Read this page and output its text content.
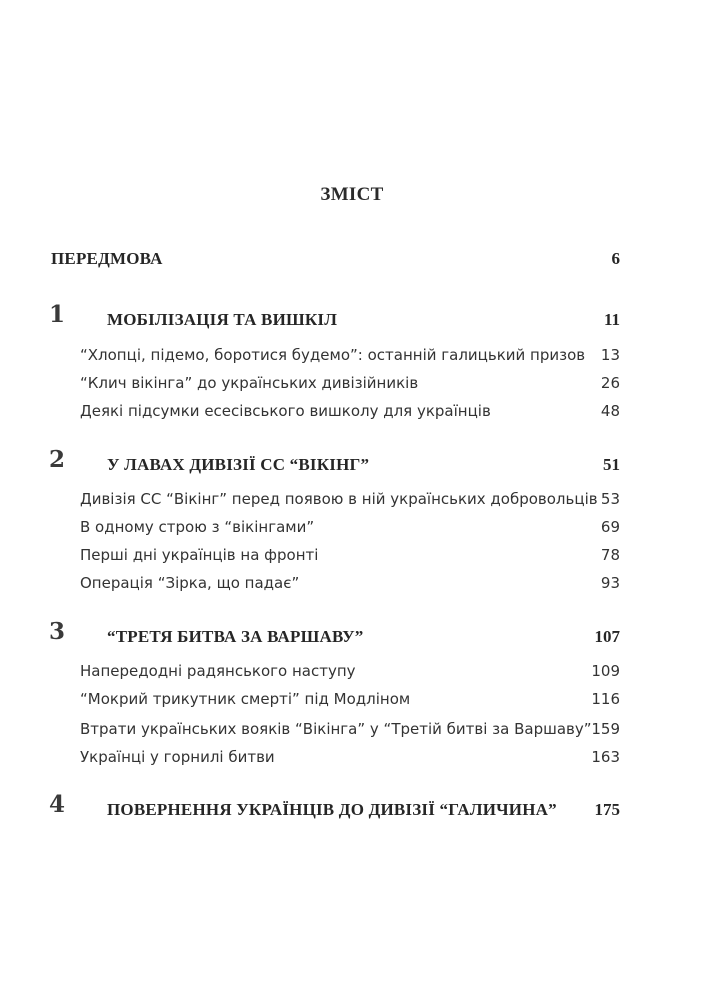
ЗМІСТ
ПЕРЕДМОВА	6
1 МОБІЛІЗАЦІЯ ТА ВИШКІЛ	11
“Хлопці, підемо, боротися будемо”: останній галицький призов 13
“Клич вікінга” до українських дивізійників	26
Деякі підсумки есесівського вишколу для українців	48
2 У ЛАВАХ ДИВІЗІЇ СС “ВІКІНГ”	51
Дивізія СС “Вікінг” перед появою в ній українських добровольців 53
В одному строю з “вікінгами”	69
Перші дні українців на фронті	78
Операція “Зірка, що падає”	93
3 “ТРЕТЯ БИТВА ЗА ВАРШАВУ”	107
Напередодні радянського наступу	109
“Мокрий трикутник смерті” під Модліном	116
Втрати українських вояків “Вікінга” у “Третій битві за Варшаву” 159
Українці у горнилі битви	163
4 ПОВЕРНЕННЯ УКРАЇНЦІВ ДО ДИВІЗІЇ “ГАЛИЧИНА” 175
